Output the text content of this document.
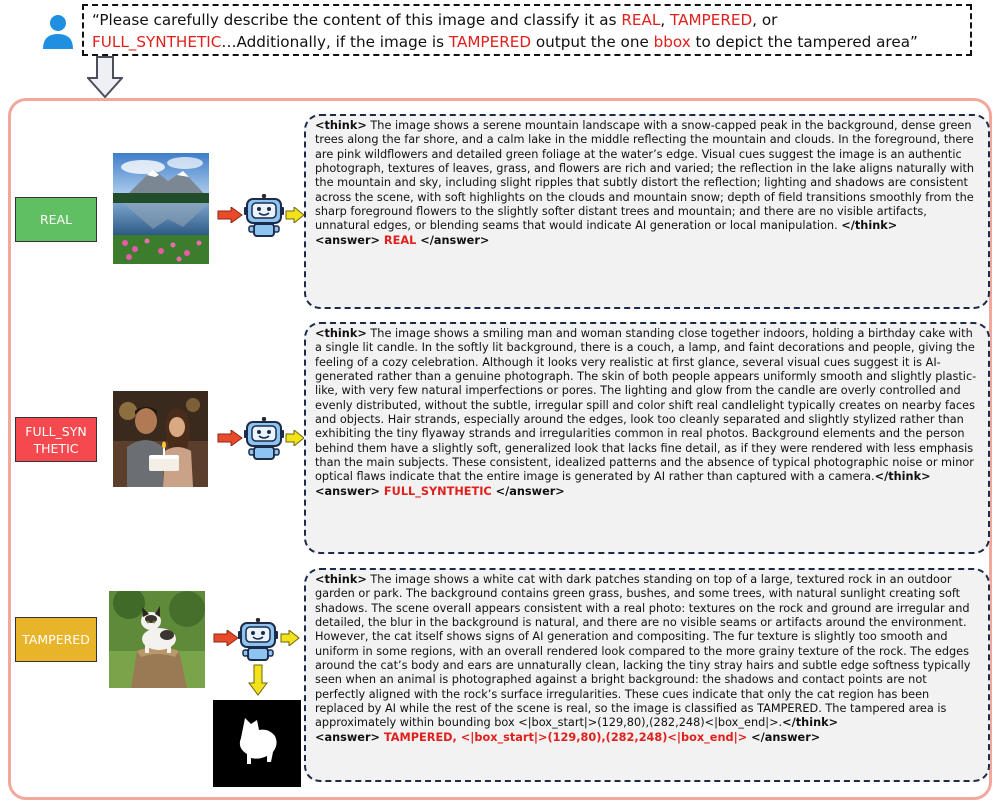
“Please carefully describe the content of this image and classify it as REAL, TAMPERED, or
FULL_SYNTHETIC…Additionally, if the image is TAMPERED output the one bbox to depict the tampered area”
REAL
<think> The image shows a serene mountain landscape with a snow-capped peak in the background, dense green trees along the far shore, and a calm lake in the middle reflecting the mountain and clouds. In the foreground, there are pink wildflowers and detailed green foliage at the water’s edge. Visual cues suggest the image is an authentic photograph, textures of leaves, grass, and flowers are rich and varied; the reflection in the lake aligns naturally with the mountain and sky, including slight ripples that subtly distort the reflection; lighting and shadows are consistent across the scene, with soft highlights on the clouds and mountain snow; depth of field transitions smoothly from the sharp foreground flowers to the slightly softer distant trees and mountain; and there are no visible artifacts, unnatural edges, or blending seams that would indicate AI generation or local manipulation. </think>
<answer> REAL </answer>
FULL_SYNTHETIC
<think> The image shows a smiling man and woman standing close together indoors, holding a birthday cake with a single lit candle. In the softly lit background, there is a couch, a lamp, and faint decorations and people, giving the feeling of a cozy celebration. Although it looks very realistic at first glance, several visual cues suggest it is AI-generated rather than a genuine photograph. The skin of both people appears uniformly smooth and slightly plastic-like, with very few natural imperfections or pores. The lighting and glow from the candle are overly controlled and evenly distributed, without the subtle, irregular spill and color shift real candlelight typically creates on nearby faces and objects. Hair strands, especially around the edges, look too cleanly separated and slightly stylized rather than exhibiting the tiny flyaway strands and irregularities common in real photos. Background elements and the person behind them have a slightly soft, generalized look that lacks fine detail, as if they were rendered with less emphasis than the main subjects. These consistent, idealized patterns and the absence of typical photographic noise or minor optical flaws indicate that the entire image is generated by AI rather than captured with a camera.</think>
<answer> FULL_SYNTHETIC </answer>
TAMPERED
<think> The image shows a white cat with dark patches standing on top of a large, textured rock in an outdoor garden or park. The background contains green grass, bushes, and some trees, with natural sunlight creating soft shadows. The scene overall appears consistent with a real photo: textures on the rock and ground are irregular and detailed, the blur in the background is natural, and there are no visible seams or artifacts around the environment. However, the cat itself shows signs of AI generation and compositing. The fur texture is slightly too smooth and uniform in some regions, with an overall rendered look compared to the more grainy texture of the rock. The edges around the cat’s body and ears are unnaturally clean, lacking the tiny stray hairs and subtle edge softness typically seen when an animal is photographed against a bright background: the shadows and contact points are not perfectly aligned with the rock’s surface irregularities. These cues indicate that only the cat region has been replaced by AI while the rest of the scene is real, so the image is classified as TAMPERED. The tampered area is approximately within bounding box <|box_start|>(129,80),(282,248)<|box_end|>.</think>
<answer> TAMPERED, <|box_start|>(129,80),(282,248)<|box_end|> </answer>
